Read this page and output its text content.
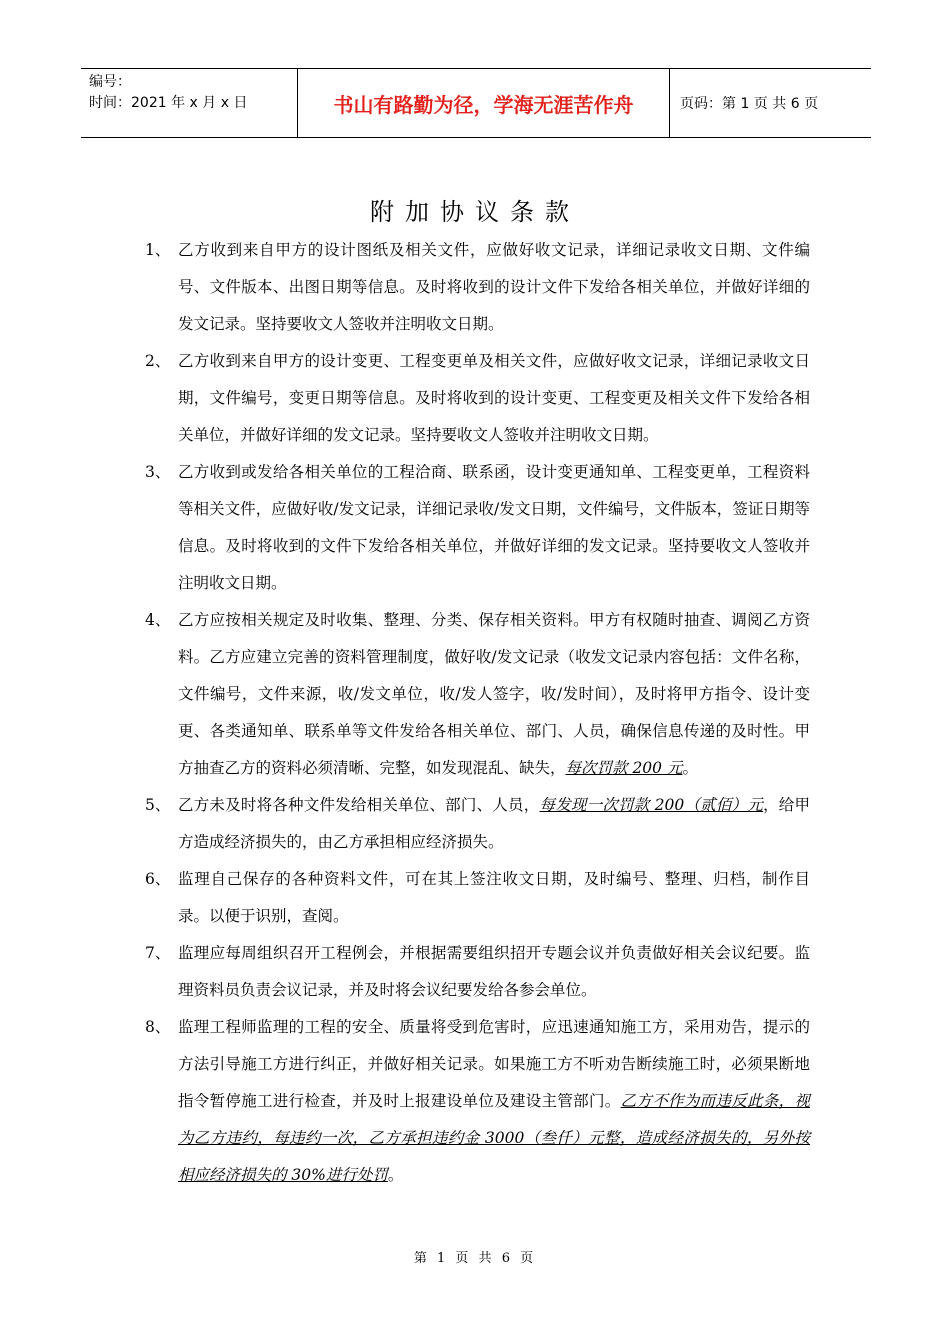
编号：
时间：2021 年 x 月 x 日	书山有路勤为径，学海无涯苦作舟	页码：第 1 页 共 6 页
附加协议条款
1、 乙方收到来自甲方的设计图纸及相关文件，应做好收文记录，详细记录收文日期、文件编号、文件版本、出图日期等信息。及时将收到的设计文件下发给各相关单位，并做好详细的发文记录。坚持要收文人签收并注明收文日期。
2、 乙方收到来自甲方的设计变更、工程变更单及相关文件，应做好收文记录，详细记录收文日期，文件编号，变更日期等信息。及时将收到的设计变更、工程变更及相关文件下发给各相关单位，并做好详细的发文记录。坚持要收文人签收并注明收文日期。
3、 乙方收到或发给各相关单位的工程洽商、联系函，设计变更通知单、工程变更单，工程资料等相关文件，应做好收/发文记录，详细记录收/发文日期，文件编号，文件版本，签证日期等信息。及时将收到的文件下发给各相关单位，并做好详细的发文记录。坚持要收文人签收并注明收文日期。
4、 乙方应按相关规定及时收集、整理、分类、保存相关资料。甲方有权随时抽查、调阅乙方资料。乙方应建立完善的资料管理制度，做好收/发文记录（收发文记录内容包括：文件名称，文件编号，文件来源，收/发文单位，收/发人签字，收/发时间），及时将甲方指令、设计变更、各类通知单、联系单等文件发给各相关单位、部门、人员，确保信息传递的及时性。甲方抽查乙方的资料必须清晰、完整，如发现混乱、缺失，每次罚款 200 元。
5、 乙方未及时将各种文件发给相关单位、部门、人员，每发现一次罚款 200（贰佰）元，给甲方造成经济损失的，由乙方承担相应经济损失。
6、 监理自己保存的各种资料文件，可在其上签注收文日期，及时编号、整理、归档，制作目录。以便于识别，查阅。
7、 监理应每周组织召开工程例会，并根据需要组织招开专题会议并负责做好相关会议纪要。监理资料员负责会议记录，并及时将会议纪要发给各参会单位。
8、 监理工程师监理的工程的安全、质量将受到危害时，应迅速通知施工方，采用劝告，提示的方法引导施工方进行纠正，并做好相关记录。如果施工方不听劝告断续施工时，必须果断地指令暂停施工进行检查，并及时上报建设单位及建设主管部门。乙方不作为而违反此条，视为乙方违约，每违约一次，乙方承担违约金 3000（叁仟）元整，造成经济损失的，另外按相应经济损失的 30%进行处罚。
第 1 页 共 6 页
